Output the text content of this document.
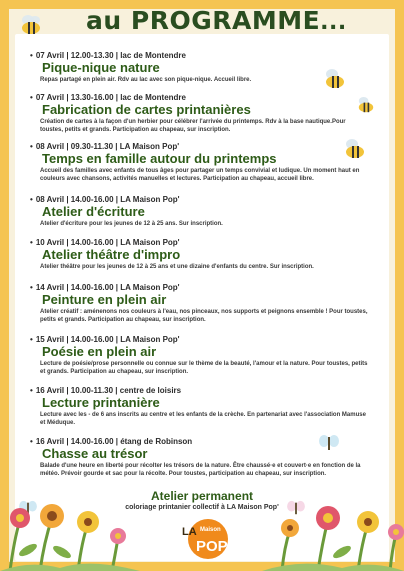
au PROGRAMME...
• 07 Avril | 12.00-13.30 | lac de Montendre
Pique-nique nature
Repas partagé en plein air. Rdv au lac avec son pique-nique. Accueil libre.
• 07 Avril | 13.30-16.00 | lac de Montendre
Fabrication de cartes printanières
Création de cartes à la façon d'un herbier pour célébrer l'arrivée du printemps. Rdv à la base nautique.Pour toustes, petits et grands. Participation au chapeau, sur inscription.
• 08 Avril | 09.30-11.30 | LA Maison Pop'
Temps en famille autour du printemps
Accueil des familles avec enfants de tous âges pour partager un temps convivial et ludique. Un moment haut en couleurs avec chansons, activités manuelles et lectures. Participation au chapeau, accueil libre.
• 08 Avril | 14.00-16.00 | LA Maison Pop'
Atelier d'écriture
Atelier d'écriture pour les jeunes de 12 à 25 ans. Sur inscription.
• 10 Avril | 14.00-16.00 | LA Maison Pop'
Atelier théâtre d'impro
Atelier théâtre pour les jeunes de 12 à 25 ans et une dizaine d'enfants du centre. Sur inscription.
• 14 Avril | 14.00-16.00 | LA Maison Pop'
Peinture en plein air
Atelier créatif : aménenons nos couleurs à l'eau, nos pinceaux, nos supports et peignons ensemble ! Pour toustes, petits et grands. Participation au chapeau, sur inscription.
• 15 Avril | 14.00-16.00 | LA Maison Pop'
Poésie en plein air
Lecture de poésie/prose personnelle ou connue sur le thème de la beauté, l'amour et la nature. Pour toustes, petits et grands. Participation au chapeau, sur inscription.
• 16 Avril | 10.00-11.30 | centre de loisirs
Lecture printanière
Lecture avec les - de 6 ans inscrits au centre et les enfants de la crèche. En partenariat avec l'association Mamuse et Méduque.
• 16 Avril | 14.00-16.00 | étang de Robinson
Chasse au trésor
Balade d'une heure en liberté pour récolter les trésors de la nature. Être chaussé·e et couvert·e en fonction de la météo. Prévoir gourde et sac pour la récolte. Pour toustes, participation au chapeau, sur inscription.
Atelier permanent
coloriage printanier collectif à LA Maison Pop'
LA Maison
POP
